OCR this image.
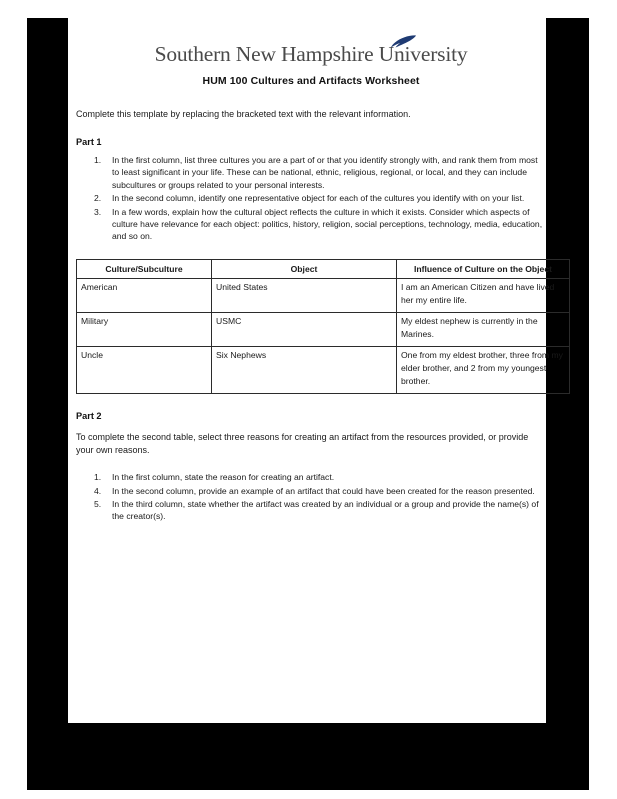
Southern New Hampshire University
HUM 100 Cultures and Artifacts Worksheet
Complete this template by replacing the bracketed text with the relevant information.
Part 1
1.	In the first column, list three cultures you are a part of or that you identify strongly with, and rank them from most to least significant in your life. These can be national, ethnic, religious, regional, or local, and they can include subcultures or groups related to your personal interests.
2.	In the second column, identify one representative object for each of the cultures you identify with on your list.
3.	In a few words, explain how the cultural object reflects the culture in which it exists. Consider which aspects of culture have relevance for each object: politics, history, religion, social perceptions, technology, media, education, and so on.
Culture/Subculture	Object	Influence of Culture on the Object
American	United States	I am an American Citizen and have lived her my entire life.
Military	USMC	My eldest nephew is currently in the Marines.
Uncle	Six Nephews	One from my eldest brother, three from my elder brother, and 2 from my youngest brother.
Part 2
To complete the second table, select three reasons for creating an artifact from the resources provided, or provide your own reasons.
1.	In the first column, state the reason for creating an artifact.
4.	In the second column, provide an example of an artifact that could have been created for the reason presented.
5.	In the third column, state whether the artifact was created by an individual or a group and provide the name(s) of the creator(s).
